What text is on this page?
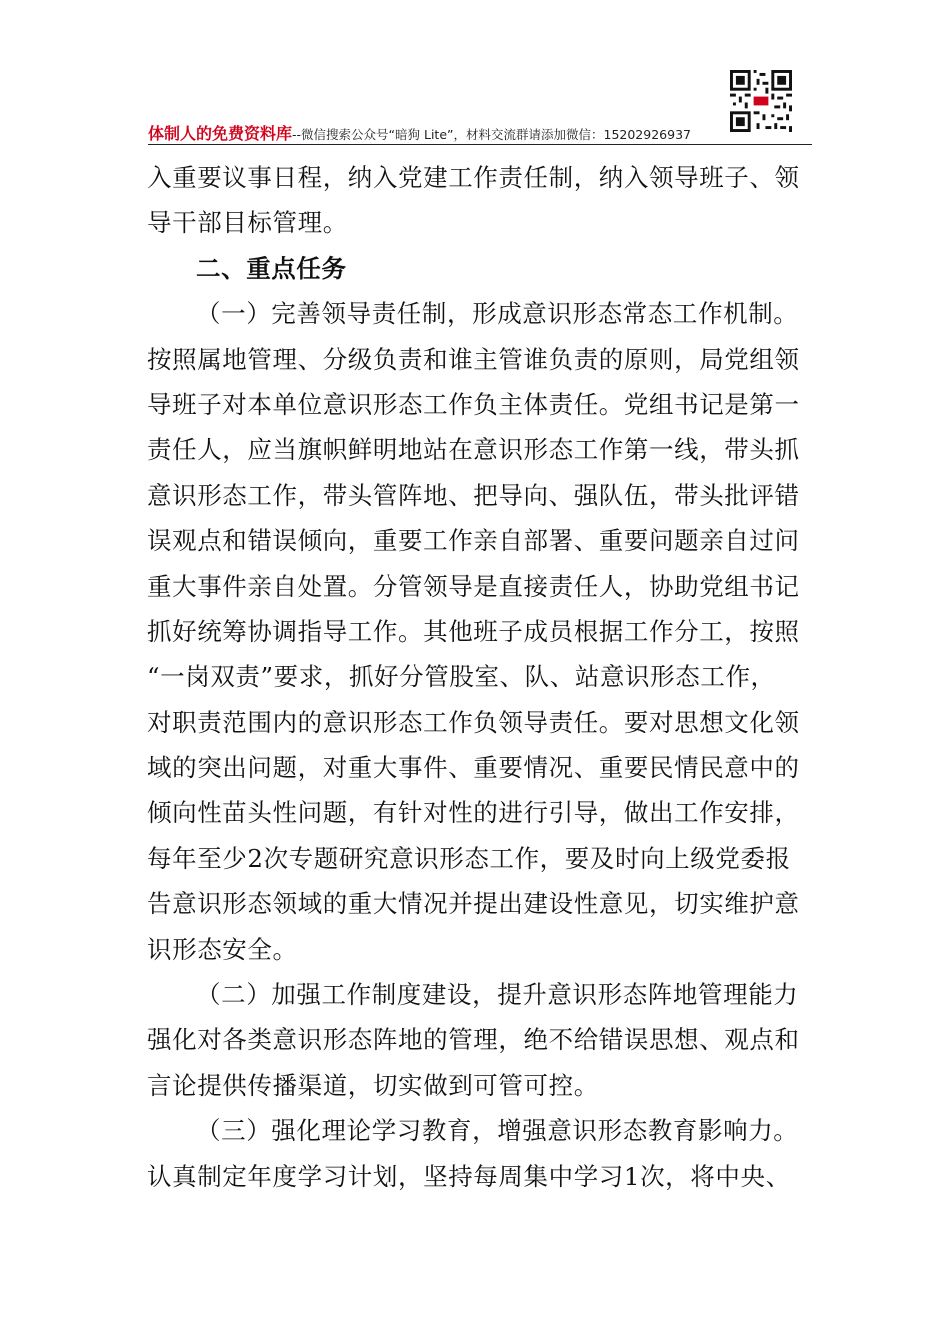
体制人的免费资料库--微信搜索公众号“暗狗 Lite”，材料交流群请添加微信：15202926937
入重要议事日程，纳入党建工作责任制，纳入领导班子、领
导干部目标管理。
二、重点任务
（一）完善领导责任制，形成意识形态常态工作机制。
按照属地管理、分级负责和谁主管谁负责的原则，局党组领
导班子对本单位意识形态工作负主体责任。党组书记是第一
责任人，应当旗帜鲜明地站在意识形态工作第一线，带头抓
意识形态工作，带头管阵地、把导向、强队伍，带头批评错
误观点和错误倾向，重要工作亲自部署、重要问题亲自过问
重大事件亲自处置。分管领导是直接责任人，协助党组书记
抓好统筹协调指导工作。其他班子成员根据工作分工，按照
“一岗双责”要求，抓好分管股室、队、站意识形态工作，
对职责范围内的意识形态工作负领导责任。要对思想文化领
域的突出问题，对重大事件、重要情况、重要民情民意中的
倾向性苗头性问题，有针对性的进行引导，做出工作安排，
每年至少2次专题研究意识形态工作，要及时向上级党委报
告意识形态领域的重大情况并提出建设性意见，切实维护意
识形态安全。
（二）加强工作制度建设，提升意识形态阵地管理能力
强化对各类意识形态阵地的管理，绝不给错误思想、观点和
言论提供传播渠道，切实做到可管可控。
（三）强化理论学习教育，增强意识形态教育影响力。
认真制定年度学习计划，坚持每周集中学习1次，将中央、
